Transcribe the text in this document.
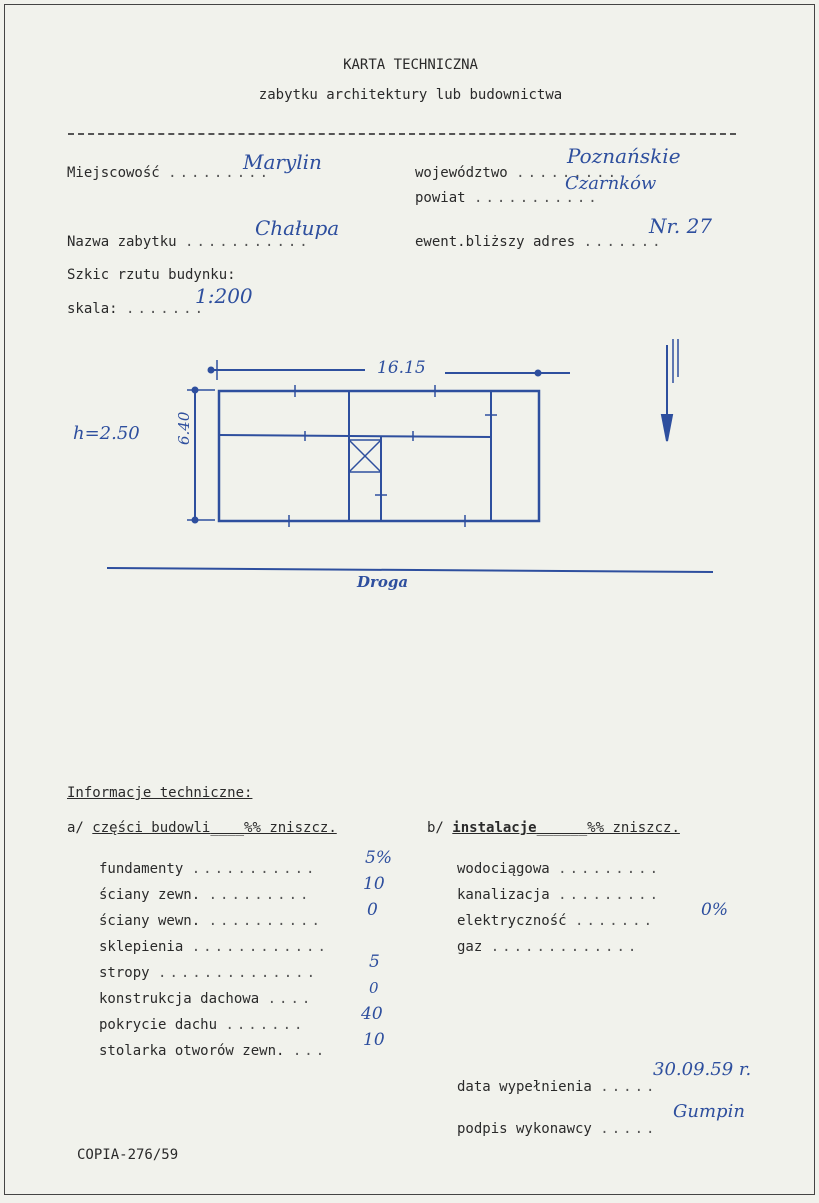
KARTA TECHNICZNA
zabytku architektury lub budownictwa
Miejscowość .........
Marylin	województwo .........
Poznańskie
powiat ...........
Czarnków
Nazwa zabytku ...........
Chałupa
ewent.bliższy adres .......
Nr. 27
Szkic rzutu budynku:
skala: .......
1:200
16.15
6.40
h=2.50
Droga
Informacje techniczne:
a/ części budowli____%% zniszcz.	b/ instalacje______%% zniszcz.
fundamenty ...........
5%
ściany zewn. .........
10
ściany wewn. ..........
0
sklepienia ............
stropy ..............
5
konstrukcja dachowa ....
0
pokrycie dachu .......
40
stolarka otworów zewn. ...
10
wodociągowa .........
kanalizacja .........
elektryczność .......
0%
gaz .............
data wypełnienia .....
30.09.59 r.
podpis wykonawcy .....
Gumpin
COPIA-276/59
